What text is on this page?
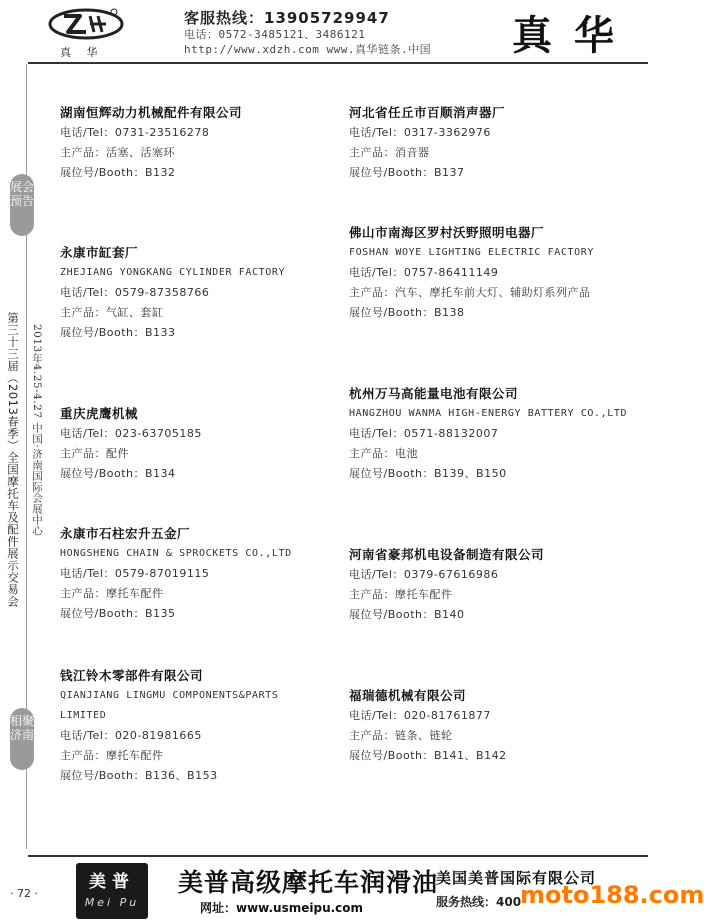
真 华
客服热线：13905729947
电话：0572-3485121、3486121
http://www.xdzh.com www.真华链条.中国 真华
展会预告
相聚济南
第三十三届（2013春季）全国摩托车及配件展示交易会 2013年4.25-4.27 中国·济南国际会展中心
湖南恒辉动力机械配件有限公司
电话/Tel：0731-23516278
主产品：活塞、活塞环
展位号/Booth：B132
永康市缸套厂
ZHEJIANG YONGKANG CYLINDER FACTORY
电话/Tel：0579-87358766
主产品：气缸、套缸
展位号/Booth：B133
重庆虎鹰机械
电话/Tel：023-63705185
主产品：配件
展位号/Booth：B134
永康市石柱宏升五金厂
HONGSHENG CHAIN & SPROCKETS CO.,LTD
电话/Tel：0579-87019115
主产品：摩托车配件
展位号/Booth：B135
钱江铃木零部件有限公司
QIANJIANG LINGMU COMPONENTS&PARTS
LIMITED
电话/Tel：020-81981665
主产品：摩托车配件
展位号/Booth：B136、B153
河北省任丘市百顺消声器厂
电话/Tel：0317-3362976
主产品：消音器
展位号/Booth：B137
佛山市南海区罗村沃野照明电器厂
FOSHAN WOYE LIGHTING ELECTRIC FACTORY
电话/Tel：0757-86411149
主产品：汽车、摩托车前大灯、辅助灯系列产品
展位号/Booth：B138
杭州万马高能量电池有限公司
HANGZHOU WANMA HIGH-ENERGY BATTERY CO.,LTD
电话/Tel：0571-88132007
主产品：电池
展位号/Booth：B139、B150
河南省豪邦机电设备制造有限公司
电话/Tel：0379-67616986
主产品：摩托车配件
展位号/Booth：B140
福瑞德机械有限公司
电话/Tel：020-81761877
主产品：链条、链轮
展位号/Booth：B141、B142
· 72 ·
美普
Mei Pu
美普高级摩托车润滑油
网址：www.usmeipu.com
美国美普国际有限公司
服务热线：400
moto188.com
